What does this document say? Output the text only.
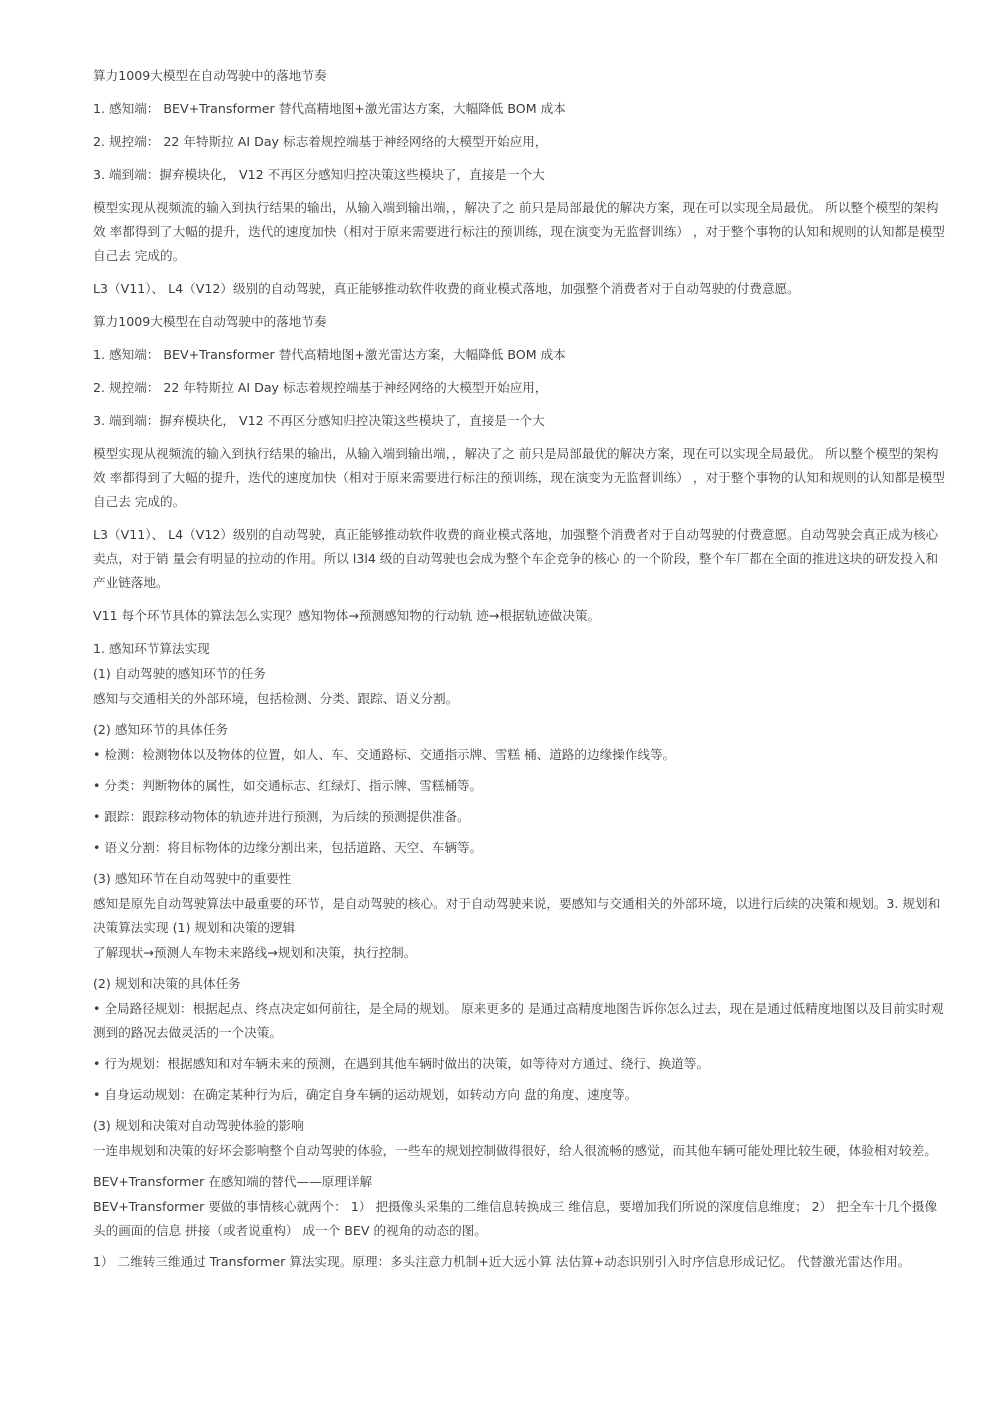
算力1009大模型在自动驾驶中的落地节奏

1. 感知端： BEV+Transformer 替代高精地图+激光雷达方案，大幅降低 BOM 成本

2. 规控端： 22 年特斯拉 AI Day 标志着规控端基于神经网络的大模型开始应用，

3. 端到端：摒弃模块化， V12 不再区分感知归控决策这些模块了，直接是一个大

模型实现从视频流的输入到执行结果的输出，从输入端到输出端，，解决了之 前只是局部最优的解决方案，现在可以实现全局最优。 所以整个模型的架构效 率都得到了大幅的提升，迭代的速度加快（相对于原来需要进行标注的预训练，现在演变为无监督训练） ，对于整个事物的认知和规则的认知都是模型自己去 完成的。

L3（V11）、 L4（V12）级别的自动驾驶，真正能够推动软件收费的商业模式落地，加强整个消费者对于自动驾驶的付费意愿。

算力1009大模型在自动驾驶中的落地节奏

1. 感知端： BEV+Transformer 替代高精地图+激光雷达方案，大幅降低 BOM 成本

2. 规控端： 22 年特斯拉 AI Day 标志着规控端基于神经网络的大模型开始应用，

3. 端到端：摒弃模块化， V12 不再区分感知归控决策这些模块了，直接是一个大

模型实现从视频流的输入到执行结果的输出，从输入端到输出端，，解决了之 前只是局部最优的解决方案，现在可以实现全局最优。 所以整个模型的架构效 率都得到了大幅的提升，迭代的速度加快（相对于原来需要进行标注的预训练，现在演变为无监督训练） ，对于整个事物的认知和规则的认知都是模型自己去 完成的。

L3（V11）、 L4（V12）级别的自动驾驶，真正能够推动软件收费的商业模式落地，加强整个消费者对于自动驾驶的付费意愿。自动驾驶会真正成为核心卖点，对于销 量会有明显的拉动的作用。所以 l3l4 级的自动驾驶也会成为整个车企竞争的核心 的一个阶段，整个车厂都在全面的推进这块的研发投入和产业链落地。

V11 每个环节具体的算法怎么实现？感知物体→预测感知物的行动轨 迹→根据轨迹做决策。

1. 感知环节算法实现

(1) 自动驾驶的感知环节的任务

感知与交通相关的外部环境，包括检测、分类、跟踪、语义分割。

(2) 感知环节的具体任务

• 检测：检测物体以及物体的位置，如人、车、交通路标、交通指示牌、雪糕 桶、道路的边缘操作线等。

• 分类：判断物体的属性，如交通标志、红绿灯、指示牌、雪糕桶等。

• 跟踪：跟踪移动物体的轨迹并进行预测，为后续的预测提供准备。

• 语义分割：将目标物体的边缘分割出来，包括道路、天空、车辆等。

(3) 感知环节在自动驾驶中的重要性

感知是原先自动驾驶算法中最重要的环节，是自动驾驶的核心。对于自动驾驶来说，要感知与交通相关的外部环境，以进行后续的决策和规划。3. 规划和决策算法实现 (1) 规划和决策的逻辑

了解现状→预测人车物未来路线→规划和决策，执行控制。

(2) 规划和决策的具体任务

• 全局路径规划：根据起点、终点决定如何前往，是全局的规划。 原来更多的 是通过高精度地图告诉你怎么过去，现在是通过低精度地图以及目前实时观 测到的路况去做灵活的一个决策。

• 行为规划：根据感知和对车辆未来的预测，在遇到其他车辆时做出的决策，如等待对方通过、绕行、换道等。

• 自身运动规划：在确定某种行为后，确定自身车辆的运动规划，如转动方向 盘的角度、速度等。

(3) 规划和决策对自动驾驶体验的影响

一连串规划和决策的好坏会影响整个自动驾驶的体验，一些车的规划控制做得很好，给人很流畅的感觉，而其他车辆可能处理比较生硬，体验相对较差。

BEV+Transformer 在感知端的替代——原理详解

BEV+Transformer 要做的事情核心就两个： 1） 把摄像头采集的二维信息转换成三 维信息，要增加我们所说的深度信息维度； 2） 把全车十几个摄像头的画面的信息 拼接（或者说重构） 成一个 BEV 的视角的动态的图。

1） 二维转三维通过 Transformer 算法实现。原理：多头注意力机制+近大远小算 法估算+动态识别引入时序信息形成记忆。 代替激光雷达作用。
